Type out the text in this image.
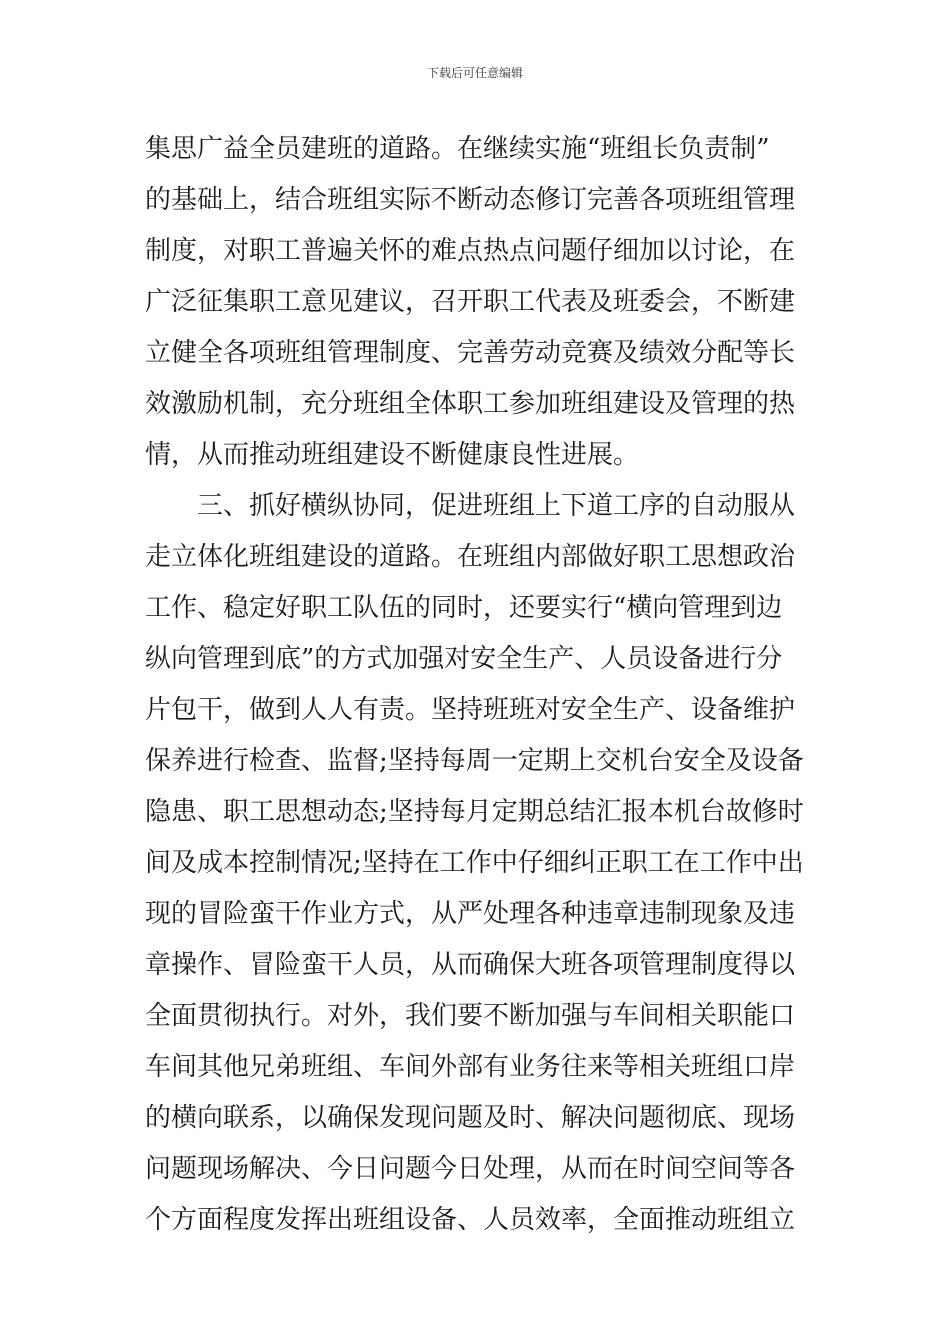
下载后可任意编辑
集思广益全员建班的道路。在继续实施“班组长负责制”
的基础上，结合班组实际不断动态修订完善各项班组管理
制度，对职工普遍关怀的难点热点问题仔细加以讨论，在
广泛征集职工意见建议，召开职工代表及班委会，不断建
立健全各项班组管理制度、完善劳动竞赛及绩效分配等长
效激励机制，充分班组全体职工参加班组建设及管理的热
情，从而推动班组建设不断健康良性进展。
三、抓好横纵协同，促进班组上下道工序的自动服从
走立体化班组建设的道路。在班组内部做好职工思想政治
工作、稳定好职工队伍的同时，还要实行“横向管理到边
纵向管理到底”的方式加强对安全生产、人员设备进行分
片包干，做到人人有责。坚持班班对安全生产、设备维护
保养进行检查、监督;坚持每周一定期上交机台安全及设备
隐患、职工思想动态;坚持每月定期总结汇报本机台故修时
间及成本控制情况;坚持在工作中仔细纠正职工在工作中出
现的冒险蛮干作业方式，从严处理各种违章违制现象及违
章操作、冒险蛮干人员，从而确保大班各项管理制度得以
全面贯彻执行。对外，我们要不断加强与车间相关职能口
车间其他兄弟班组、车间外部有业务往来等相关班组口岸
的横向联系，以确保发现问题及时、解决问题彻底、现场
问题现场解决、今日问题今日处理，从而在时间空间等各
个方面程度发挥出班组设备、人员效率，全面推动班组立
